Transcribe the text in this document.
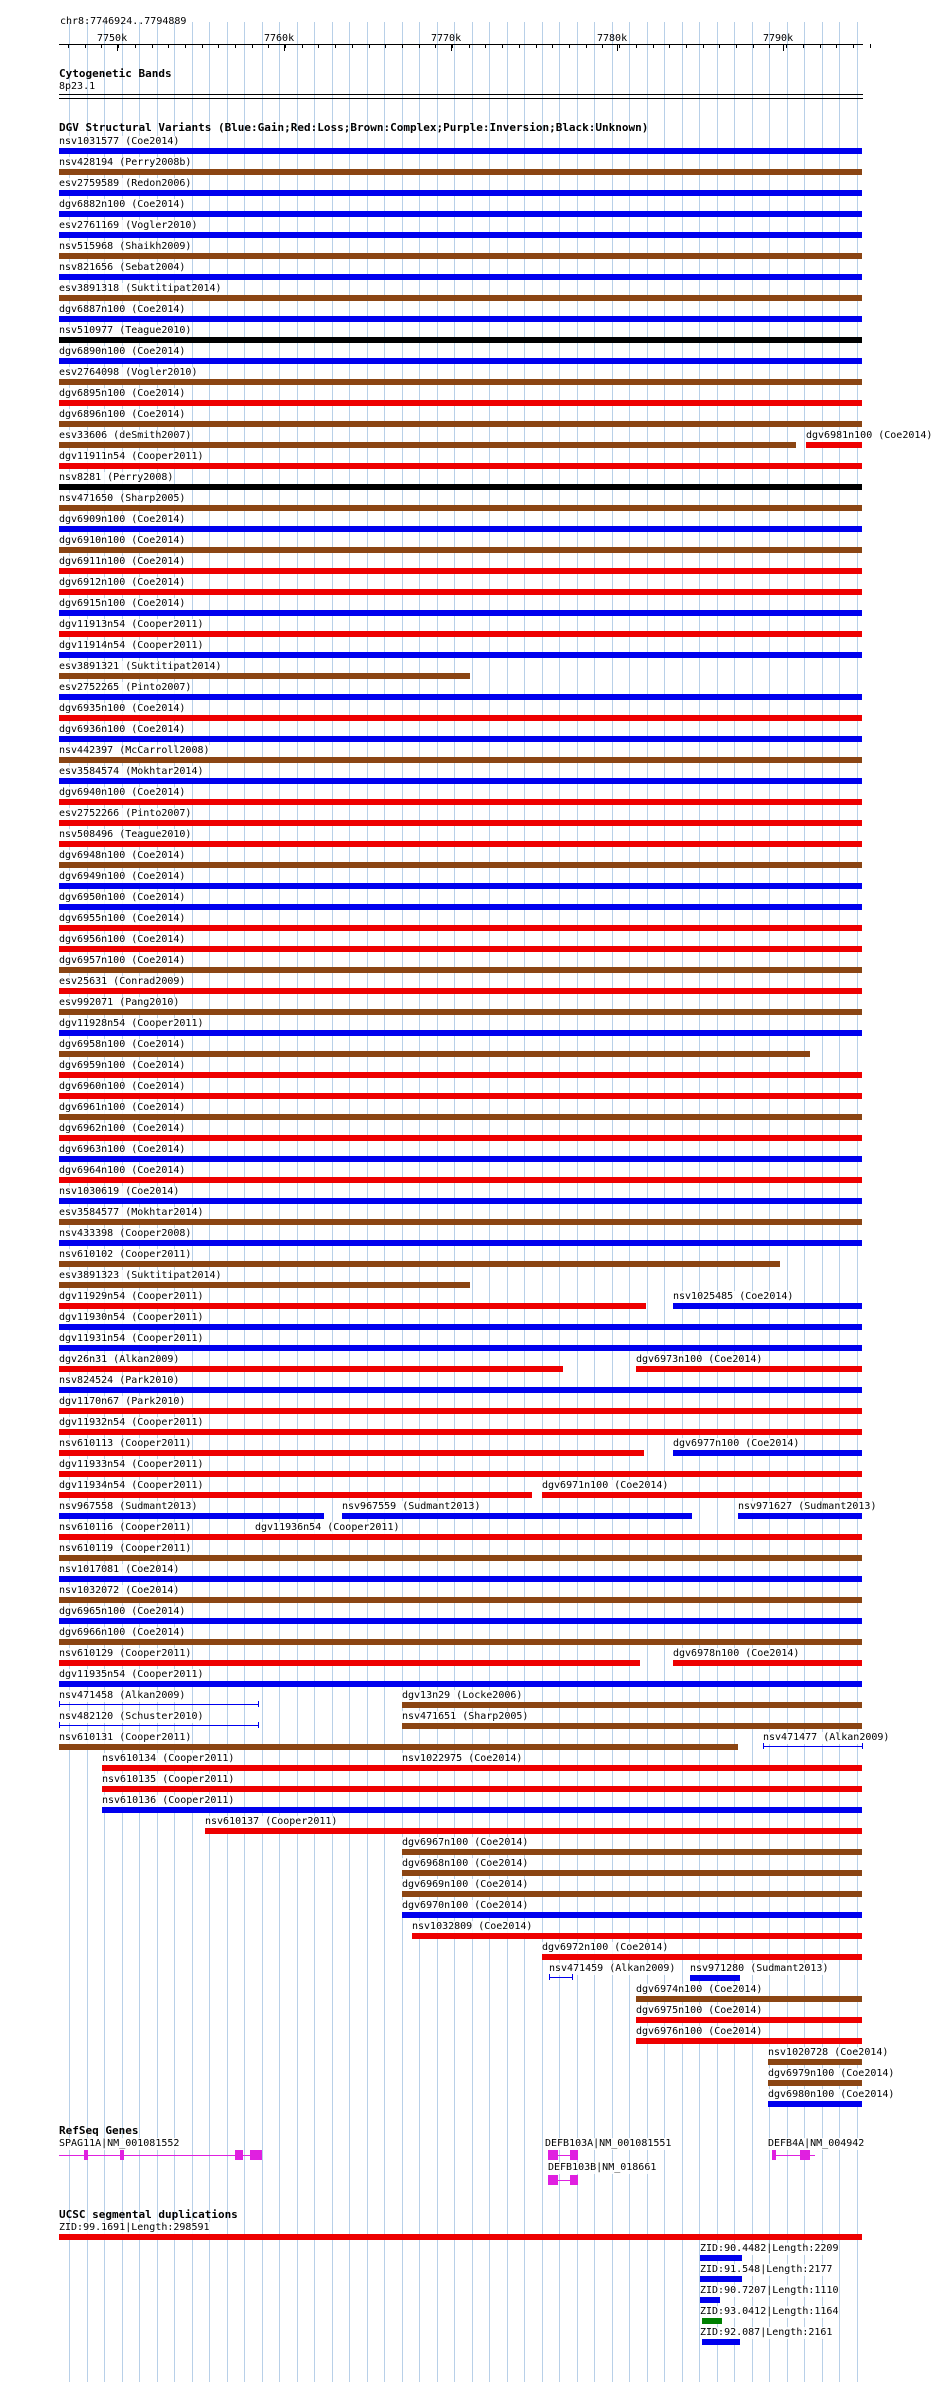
chr8:7746924..7794889
7750k	7760k	7770k	7780k	7790k
Cytogenetic Bands
8p23.1
DGV Structural Variants (Blue:Gain;Red:Loss;Brown:Complex;Purple:Inversion;Black:Unknown)
nsv1031577 (Coe2014)
nsv428194 (Perry2008b)
esv2759589 (Redon2006)
dgv6882n100 (Coe2014)
esv2761169 (Vogler2010)
nsv515968 (Shaikh2009)
nsv821656 (Sebat2004)
esv3891318 (Suktitipat2014)
dgv6887n100 (Coe2014)
nsv510977 (Teague2010)
dgv6890n100 (Coe2014)
esv2764098 (Vogler2010)
dgv6895n100 (Coe2014)
dgv6896n100 (Coe2014)
esv33606 (deSmith2007)	dgv6981n100 (Coe2014)
dgv11911n54 (Cooper2011)
nsv8281 (Perry2008)
nsv471650 (Sharp2005)
dgv6909n100 (Coe2014)
dgv6910n100 (Coe2014)
dgv6911n100 (Coe2014)
dgv6912n100 (Coe2014)
dgv6915n100 (Coe2014)
dgv11913n54 (Cooper2011)
dgv11914n54 (Cooper2011)
esv3891321 (Suktitipat2014)
esv2752265 (Pinto2007)
dgv6935n100 (Coe2014)
dgv6936n100 (Coe2014)
nsv442397 (McCarroll2008)
esv3584574 (Mokhtar2014)
dgv6940n100 (Coe2014)
esv2752266 (Pinto2007)
nsv508496 (Teague2010)
dgv6948n100 (Coe2014)
dgv6949n100 (Coe2014)
dgv6950n100 (Coe2014)
dgv6955n100 (Coe2014)
dgv6956n100 (Coe2014)
dgv6957n100 (Coe2014)
esv25631 (Conrad2009)
esv992071 (Pang2010)
dgv11928n54 (Cooper2011)
dgv6958n100 (Coe2014)
dgv6959n100 (Coe2014)
dgv6960n100 (Coe2014)
dgv6961n100 (Coe2014)
dgv6962n100 (Coe2014)
dgv6963n100 (Coe2014)
dgv6964n100 (Coe2014)
nsv1030619 (Coe2014)
esv3584577 (Mokhtar2014)
nsv433398 (Cooper2008)
nsv610102 (Cooper2011)
esv3891323 (Suktitipat2014)
dgv11929n54 (Cooper2011)	nsv1025485 (Coe2014)
dgv11930n54 (Cooper2011)
dgv11931n54 (Cooper2011)
dgv26n31 (Alkan2009)	dgv6973n100 (Coe2014)
nsv824524 (Park2010)
dgv1170n67 (Park2010)
dgv11932n54 (Cooper2011)
nsv610113 (Cooper2011)	dgv6977n100 (Coe2014)
dgv11933n54 (Cooper2011)
dgv11934n54 (Cooper2011)	dgv6971n100 (Coe2014)
nsv967558 (Sudmant2013)	nsv967559 (Sudmant2013)	nsv971627 (Sudmant2013)
nsv610116 (Cooper2011)	dgv11936n54 (Cooper2011)
nsv610119 (Cooper2011)
nsv1017081 (Coe2014)
nsv1032072 (Coe2014)
dgv6965n100 (Coe2014)
dgv6966n100 (Coe2014)
nsv610129 (Cooper2011)	dgv6978n100 (Coe2014)
dgv11935n54 (Cooper2011)
nsv471458 (Alkan2009)	dgv13n29 (Locke2006)
nsv482120 (Schuster2010)	nsv471651 (Sharp2005)
nsv610131 (Cooper2011)	nsv471477 (Alkan2009)
nsv610134 (Cooper2011)	nsv1022975 (Coe2014)
nsv610135 (Cooper2011)
nsv610136 (Cooper2011)
nsv610137 (Cooper2011)
dgv6967n100 (Coe2014)
dgv6968n100 (Coe2014)
dgv6969n100 (Coe2014)
dgv6970n100 (Coe2014)
nsv1032809 (Coe2014)
dgv6972n100 (Coe2014)
nsv471459 (Alkan2009) nsv971280 (Sudmant2013)
dgv6974n100 (Coe2014)
dgv6975n100 (Coe2014)
dgv6976n100 (Coe2014)
nsv1020728 (Coe2014)
dgv6979n100 (Coe2014)
dgv6980n100 (Coe2014)
RefSeq Genes
SPAG11A|NM_001081552	DEFB103A|NM_001081551
DEFB103B|NM_018661
DEFB4A|NM_004942
UCSC segmental duplications
ZID:99.1691|Length:298591
ZID:90.4482|Length:2209
ZID:91.548|Length:2177
ZID:90.7207|Length:1110
ZID:93.0412|Length:1164
ZID:92.087|Length:2161
